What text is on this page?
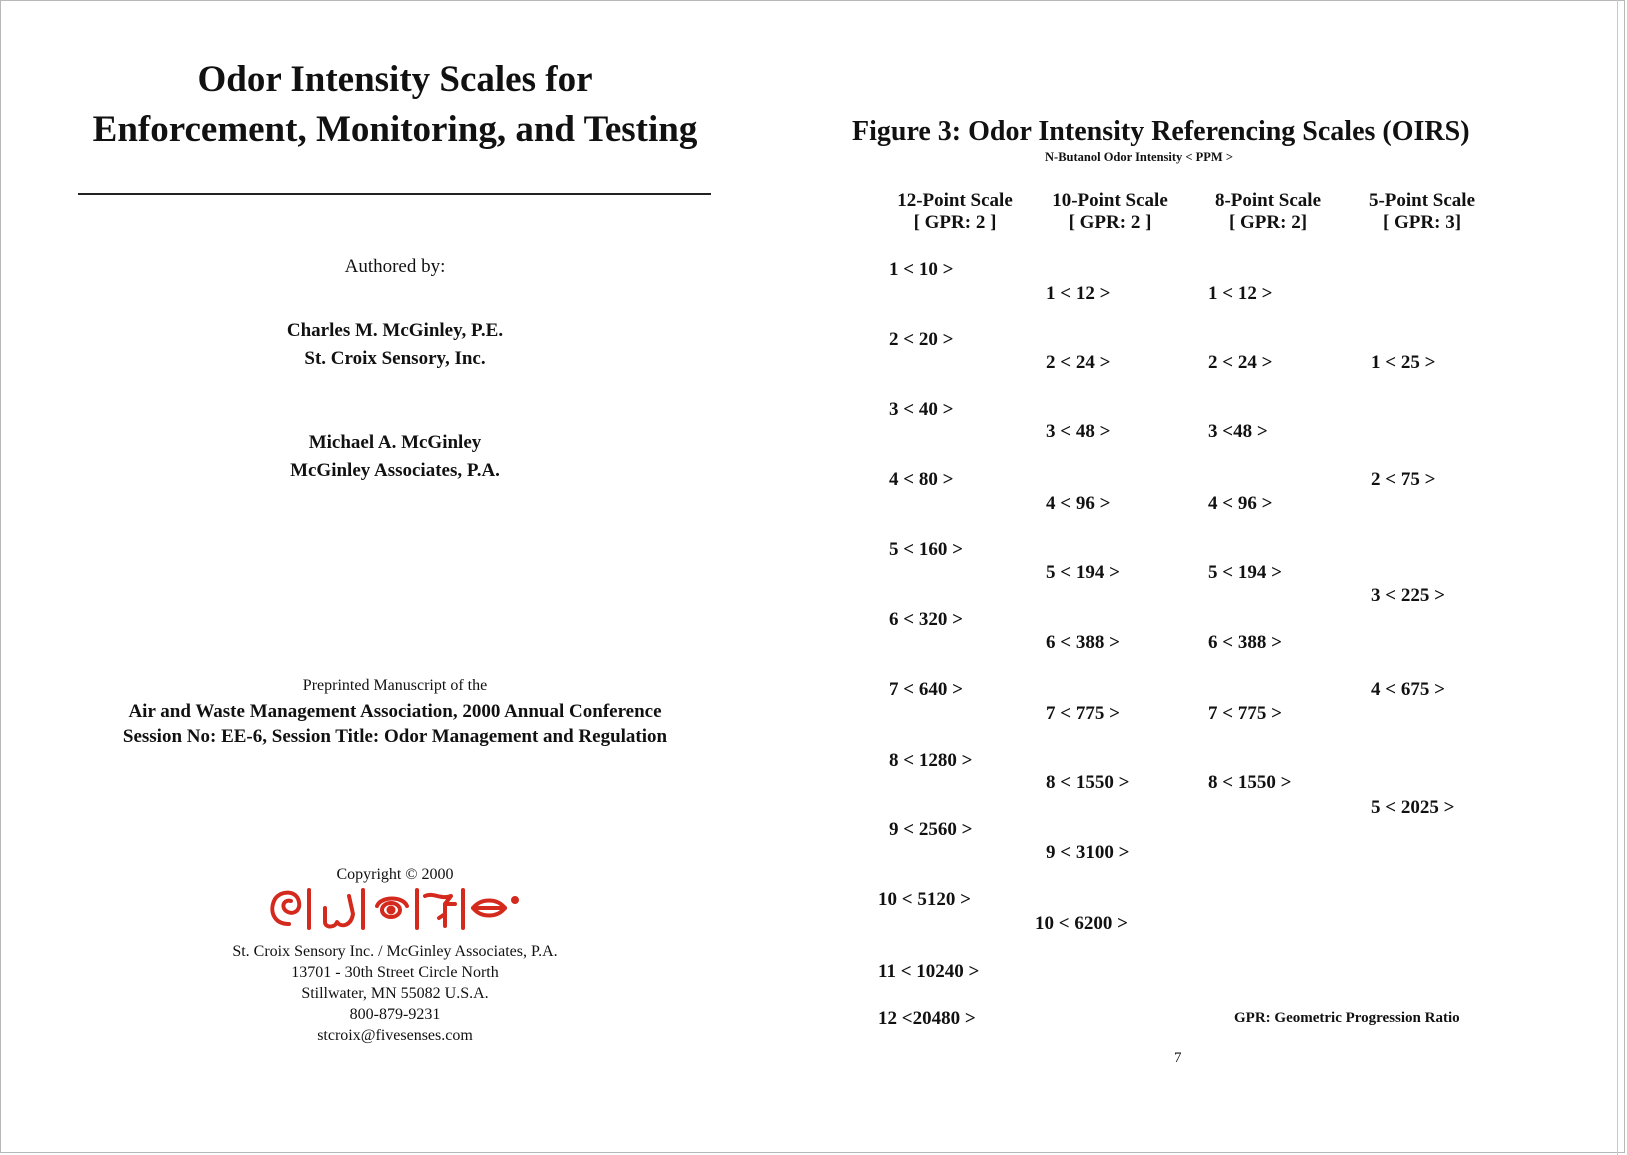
Odor Intensity Scales for
Enforcement, Monitoring, and Testing
Authored by:
Charles M. McGinley, P.E.
St. Croix Sensory, Inc.
Michael A. McGinley
McGinley Associates, P.A.
Preprinted Manuscript of the
Air and Waste Management Association, 2000 Annual Conference
Session No: EE-6, Session Title: Odor Management and Regulation
Copyright © 2000
St. Croix Sensory Inc. / McGinley Associates, P.A.
13701 - 30th Street Circle North
Stillwater, MN 55082 U.S.A.
800-879-9231
stcroix@fivesenses.com
Figure 3: Odor Intensity Referencing Scales (OIRS)
N-Butanol Odor Intensity < PPM >
12-Point Scale
[ GPR: 2 ]
10-Point Scale
[ GPR: 2 ]
8-Point Scale
[ GPR: 2]
5-Point Scale
[ GPR: 3]
1 < 10 >
2 < 20 >
3 < 40 >
4 < 80 >
5 < 160 >
6 < 320 >
7 < 640 >
8 < 1280 >
9 < 2560 >
10 < 5120 >
11 < 10240 >
12 <20480 >
1 < 12 >
2 < 24 >
3 < 48 >
4 < 96 >
5 < 194 >
6 < 388 >
7 < 775 >
8 < 1550 >
9 < 3100 >
10 < 6200 >
1 < 12 >
2 < 24 >
3 <48 >
4 < 96 >
5 < 194 >
6 < 388 >
7 < 775 >
8 < 1550 >
1 < 25 >
2 < 75 >
3 < 225 >
4 < 675 >
5 < 2025 >
GPR: Geometric Progression Ratio
7
